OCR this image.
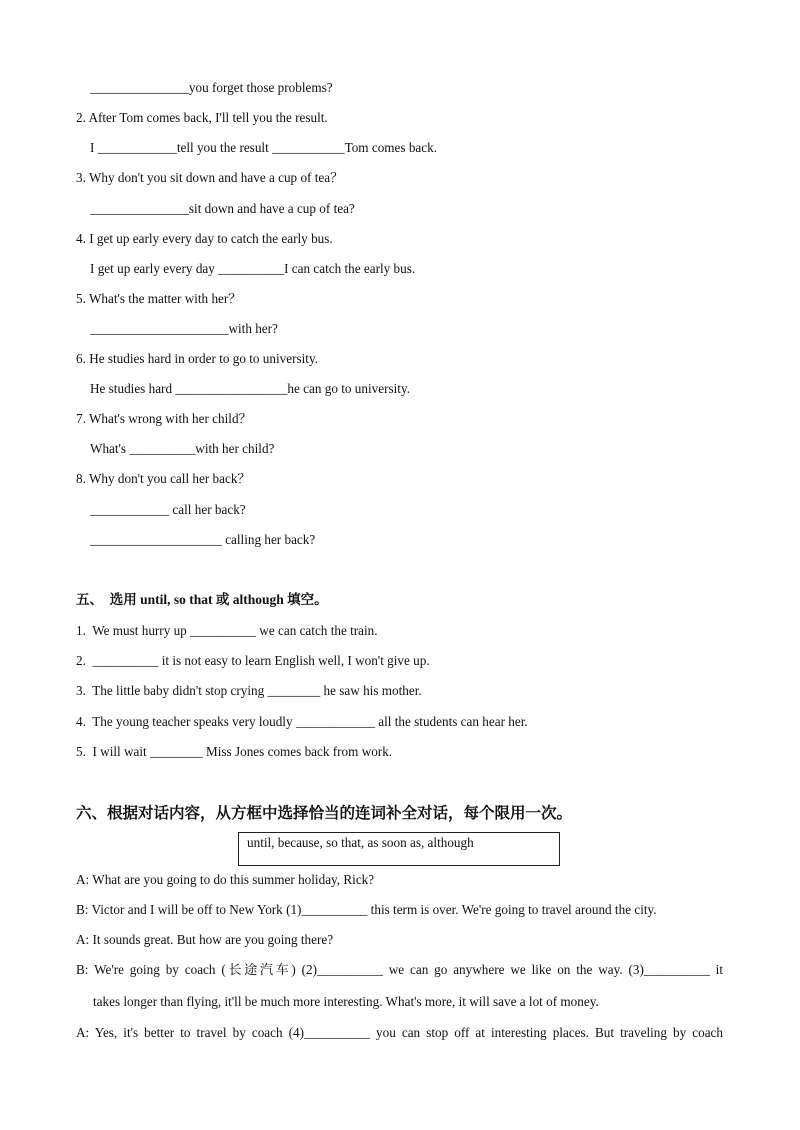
_______________you forget those problems?
2. After Tom comes back, I'll tell you the result.
I ____________tell you the result ___________Tom comes back.
3. Why don't you sit down and have a cup of tea？
_______________sit down and have a cup of tea?
4. I get up early every day to catch the early bus.
I get up early every day __________I can catch the early bus.
5. What's the matter with her？
_____________________with her?
6. He studies hard in order to go to university.
He studies hard _________________he can go to university.
7. What's wrong with her child？
What's __________with her child?
8. Why don't you call her back？
____________ call her back?
____________________ calling her back?
五、  选用 until, so that 或 although 填空。
1.  We must hurry up __________ we can catch the train.
2.  __________ it is not easy to learn English well, I won't give up.
3.  The little baby didn't stop crying ________ he saw his mother.
4.  The young teacher speaks very loudly ____________ all the students can hear her.
5.  I will wait ________ Miss Jones comes back from work.
六、根据对话内容，从方框中选择恰当的连词补全对话，每个限用一次。
until, because, so that, as soon as, although
A: What are you going to do this summer holiday, Rick?
B: Victor and I will be off to New York (1)__________ this term is over. We're going to travel around the city.
A: It sounds great. But how are you going there?
B: We're going by coach (长途汽车) (2)__________ we can go anywhere we like on the way. (3)__________ it
takes longer than flying, it'll be much more interesting. What's more, it will save a lot of money.
A: Yes, it's better to travel by coach (4)__________ you can stop off at interesting places. But traveling by coach
